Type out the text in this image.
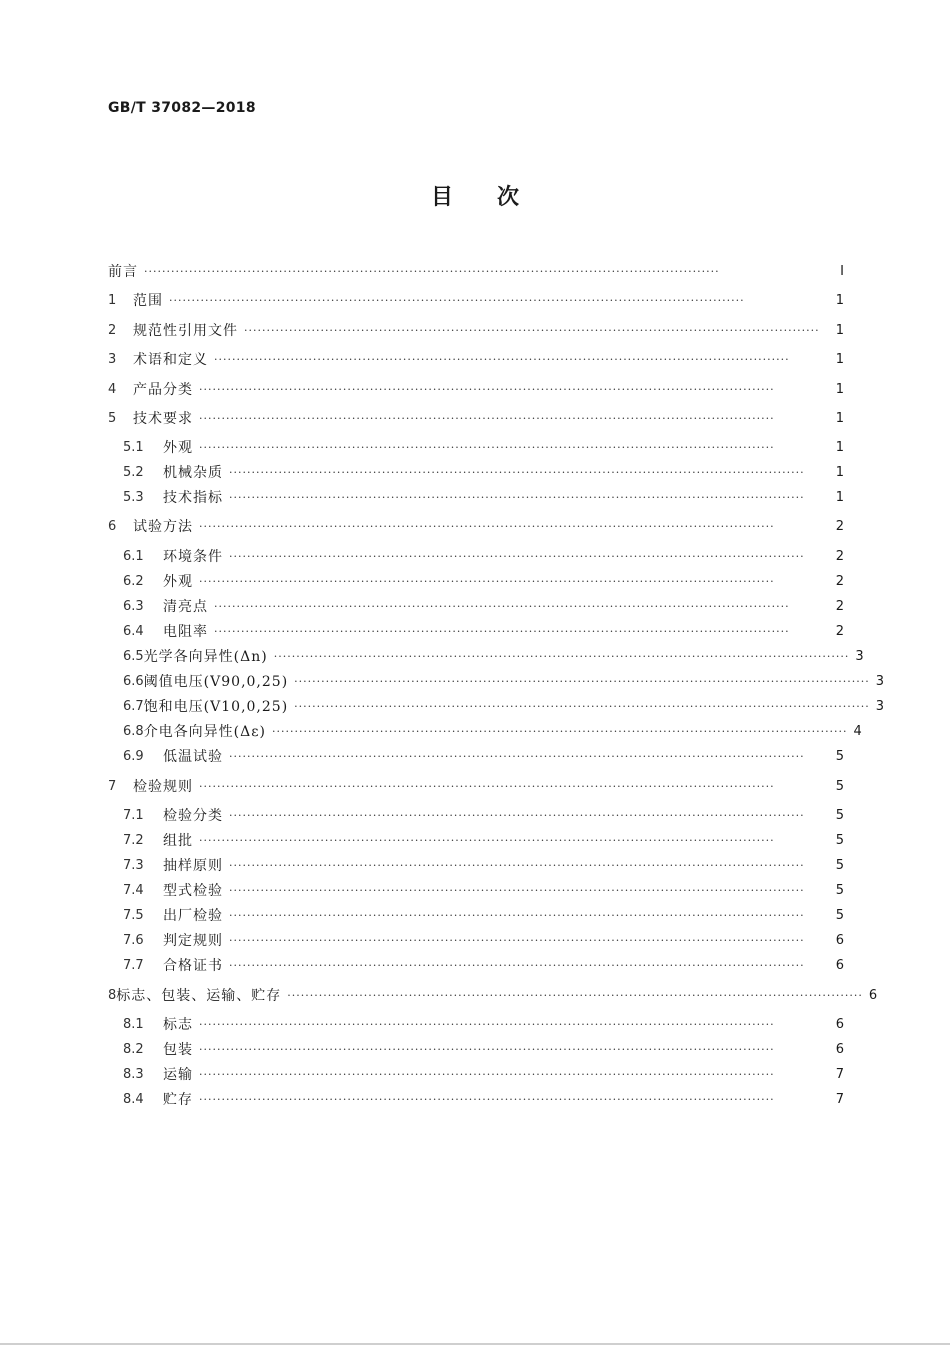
GB/T 37082—2018
目　　次
前言 ································································································································	Ⅰ
1	范围 ································································································································	1
2	规范性引用文件 ································································································································	1
3	术语和定义 ································································································································	1
4	产品分类 ································································································································	1
5	技术要求 ································································································································	1
5.1	外观 ································································································································	1
5.2	机械杂质 ································································································································	1
5.3	技术指标 ································································································································	1
6	试验方法 ································································································································	2
6.1	环境条件 ································································································································	2
6.2	外观 ································································································································	2
6.3	清亮点 ································································································································	2
6.4	电阻率 ································································································································	2
6.5 光学各向异性(Δn) ································································································································ 3
6.6 阈值电压(V90,0,25) ································································································································ 3
6.7 饱和电压(V10,0,25) ································································································································ 3
6.8 介电各向异性(Δε) ································································································································ 4
6.9	低温试验 ································································································································	5
7	检验规则 ································································································································	5
7.1	检验分类 ································································································································	5
7.2	组批 ································································································································	5
7.3	抽样原则 ································································································································	5
7.4	型式检验 ································································································································	5
7.5	出厂检验 ································································································································	5
7.6	判定规则 ································································································································	6
7.7	合格证书 ································································································································	6
8 标志、包装、运输、贮存 ································································································································ 6
8.1	标志 ································································································································	6
8.2	包装 ································································································································	6
8.3	运输 ································································································································	7
8.4	贮存 ································································································································	7
